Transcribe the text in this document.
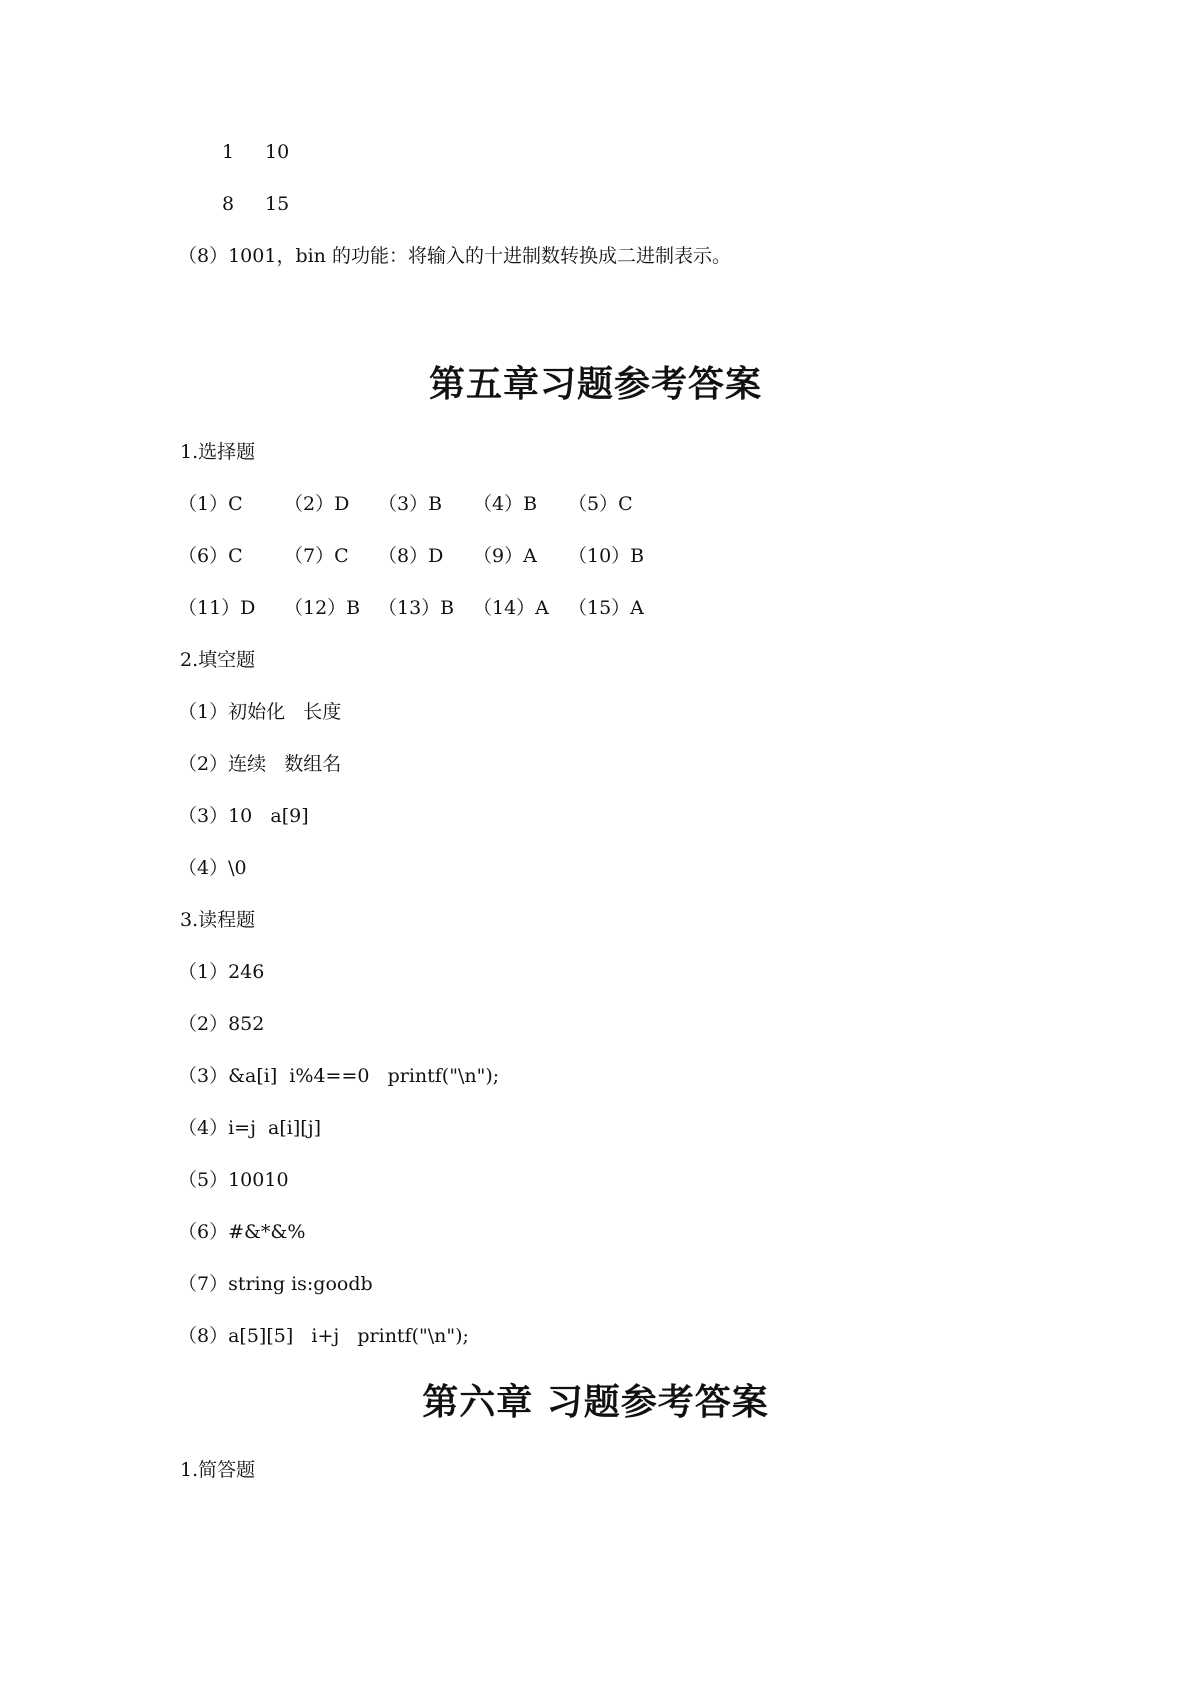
1 10
8 15
（8）1001，bin 的功能：将输入的十进制数转换成二进制表示。
第五章习题参考答案
1.选择题
（1）C （2）D （3）B （4）B （5）C
（6）C （7）C （8）D （9）A （10）B
（11）D （12）B （13）B （14）A （15）A
2.填空题
（1）初始化   长度
（2）连续   数组名
（3）10   a[9]
（4）\0
3.读程题
（1）246
（2）852
（3）&a[i]  i%4==0   printf("\n");
（4）i=j  a[i][j]
（5）10010
（6）#&*&%
（7）string is:goodb
（8）a[5][5]   i+j   printf("\n");
第六章 习题参考答案
1.简答题
